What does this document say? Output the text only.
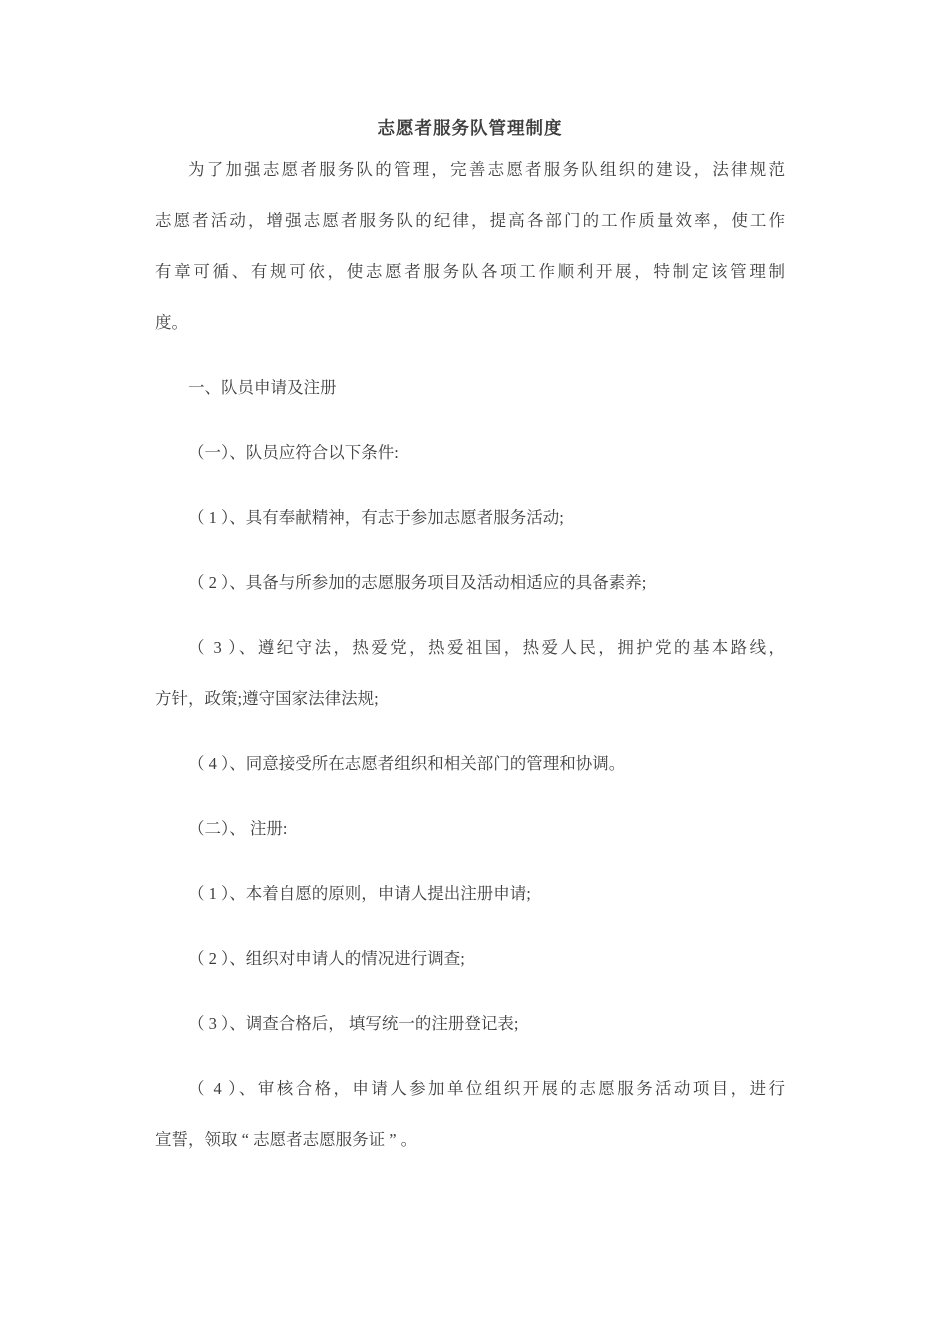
志愿者服务队管理制度
为了加强志愿者服务队的管理，完善志愿者服务队组织的建设，法律规范
志愿者活动，增强志愿者服务队的纪律，提高各部门的工作质量效率，使工作
有章可循、有规可依，使志愿者服务队各项工作顺利开展，特制定该管理制
度。
一、队员申请及注册
（一）、队员应符合以下条件:
（ 1 ）、具有奉献精神，有志于参加志愿者服务活动;
（ 2 ）、具备与所参加的志愿服务项目及活动相适应的具备素养;
（ 3 ）、遵纪守法，热爱党，热爱祖国，热爱人民，拥护党的基本路线，
方针，政策;遵守国家法律法规;
（ 4 ）、同意接受所在志愿者组织和相关部门的管理和协调。
（二）、 注册:
（ 1 ）、本着自愿的原则，申请人提出注册申请;
（ 2 ）、组织对申请人的情况进行调查;
（ 3 ）、调查合格后， 填写统一的注册登记表;
（ 4 ）、审核合格，申请人参加单位组织开展的志愿服务活动项目，进行
宣誓，领取 “ 志愿者志愿服务证 ” 。
